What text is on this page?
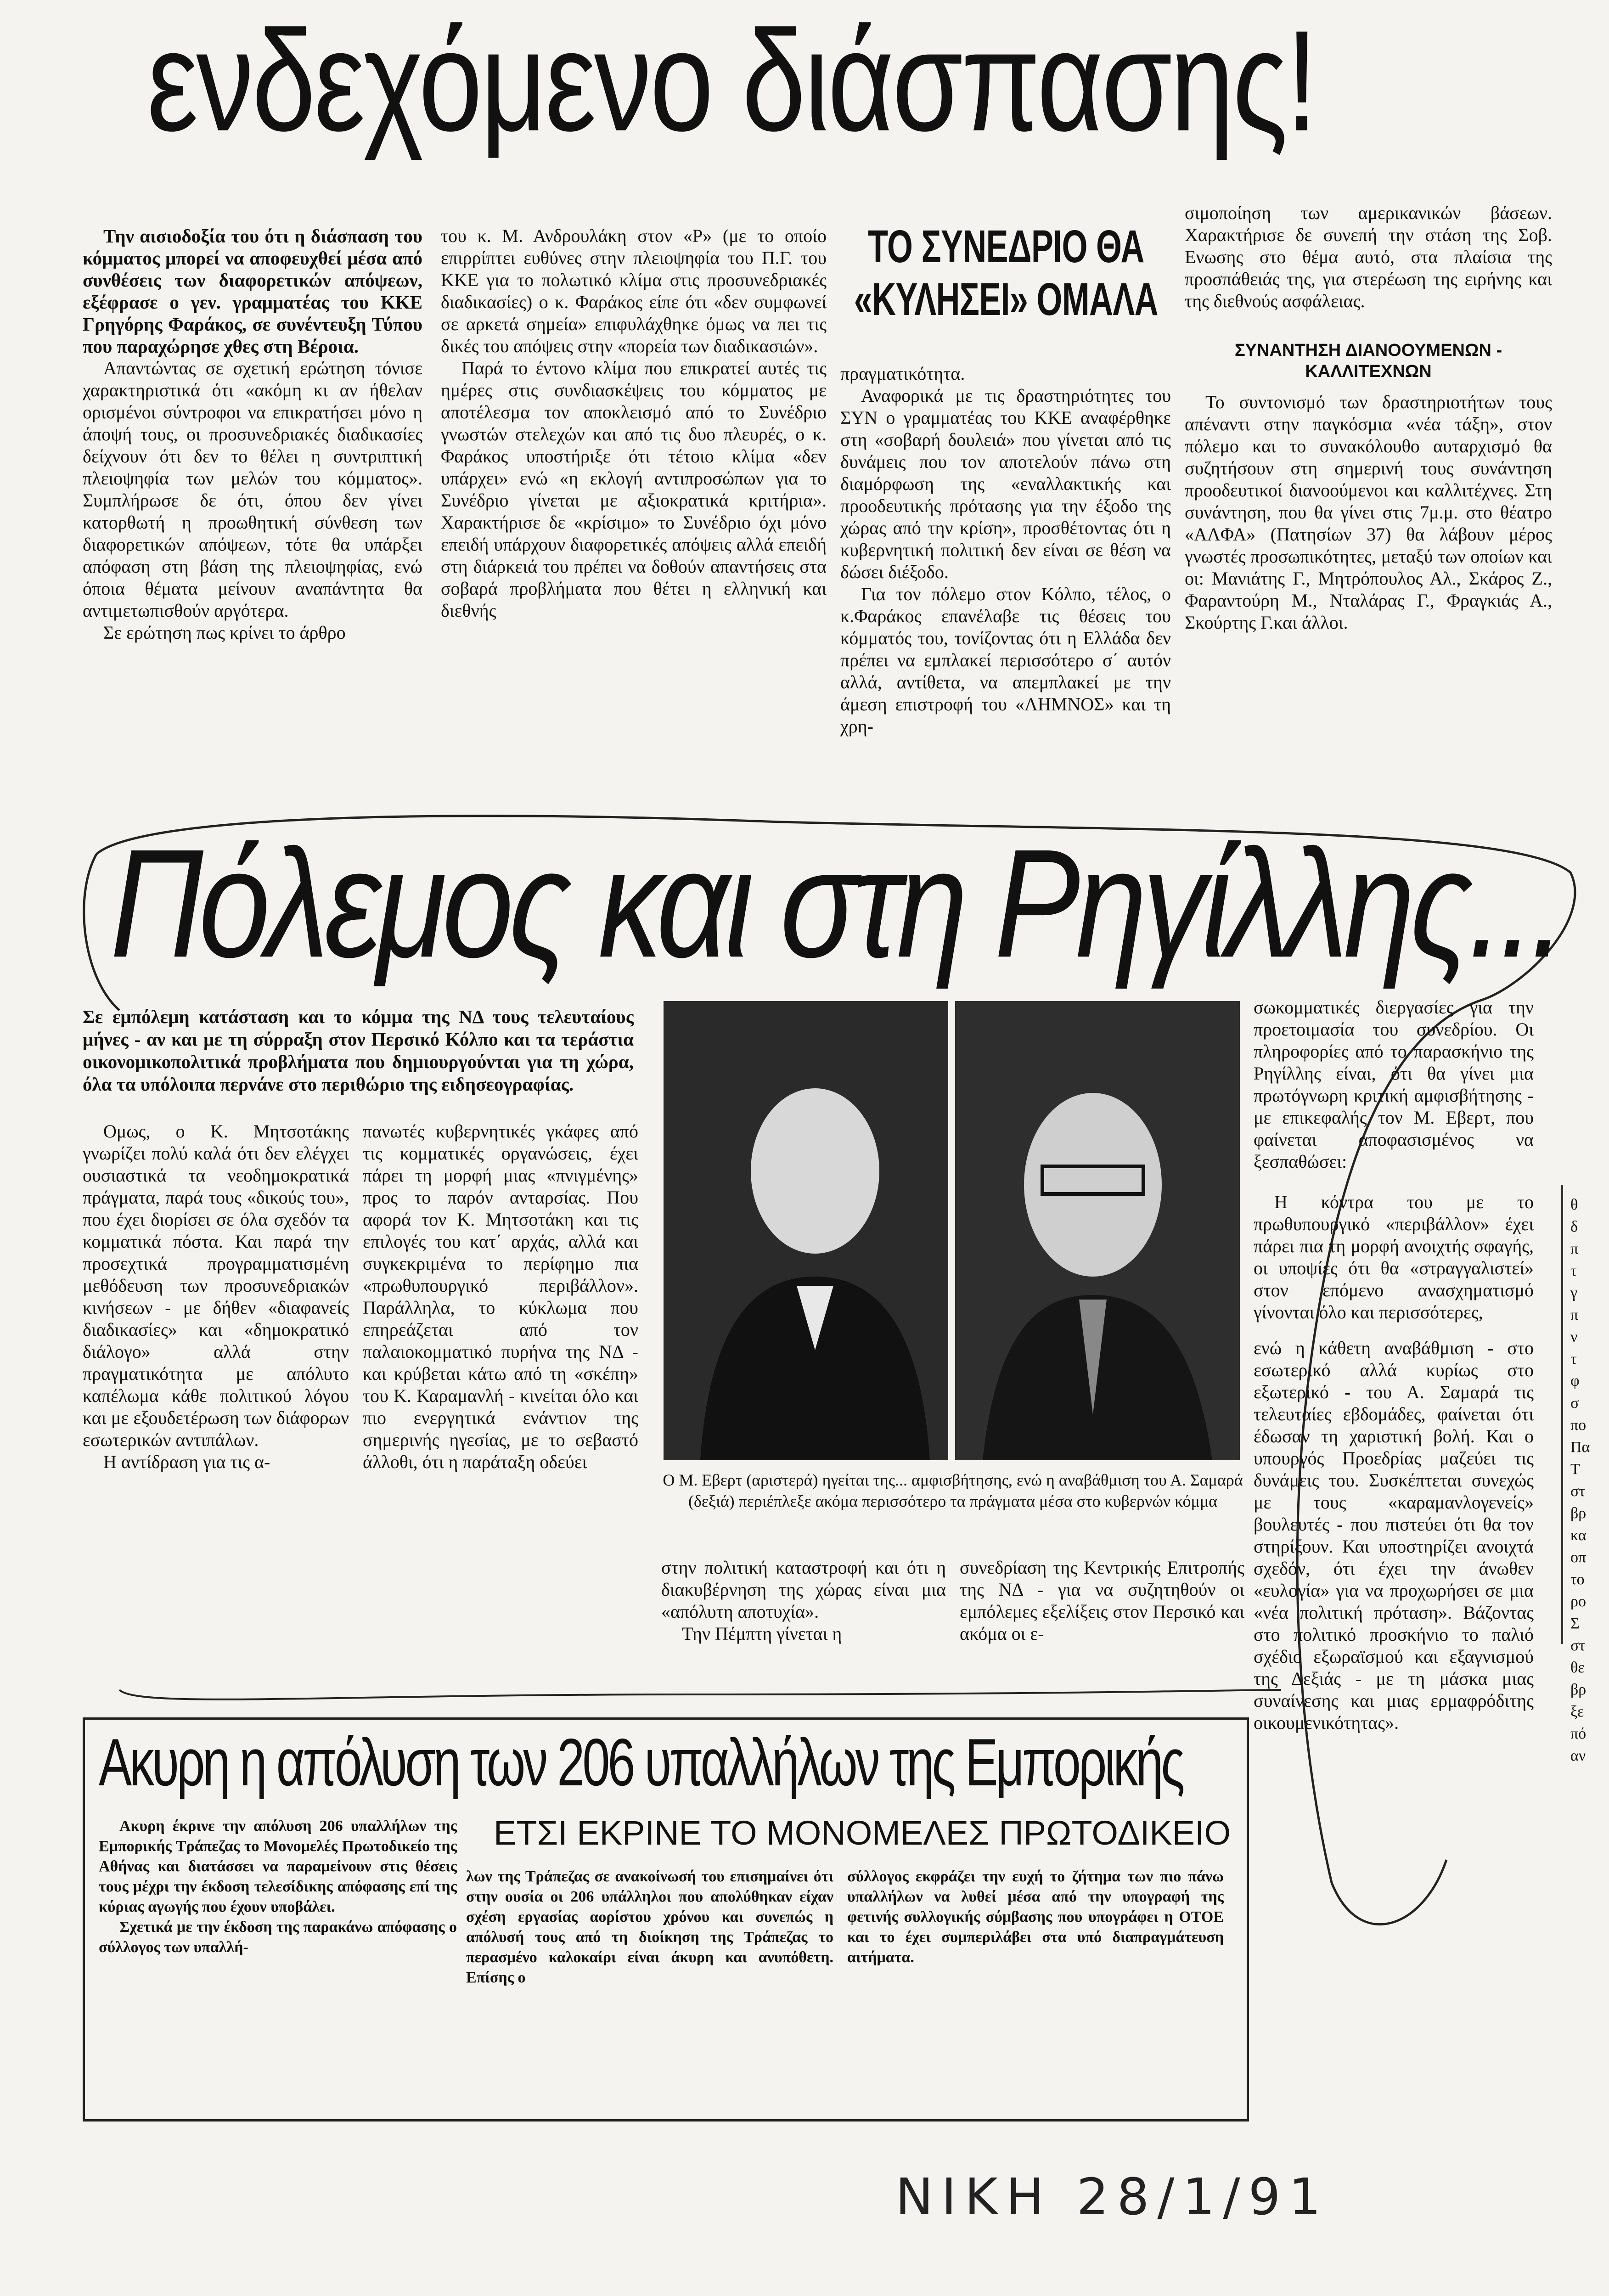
ενδεχόμενο διάσπασης!

Την αισιοδοξία του ότι η διάσπαση του κόμματος μπορεί να αποφευχθεί μέσα από συνθέσεις των διαφορετικών απόψεων, εξέφρασε ο γεν. γραμματέας του ΚΚΕ Γρηγόρης Φαράκος, σε συνέντευξη Τύπου που παραχώρησε χθες στη Βέροια.

Απαντώντας σε σχετική ερώτηση τόνισε χαρακτηριστικά ότι «ακόμη κι αν ήθελαν ορισμένοι σύντροφοι να επικρατήσει μόνο η άποψή τους, οι προσυνεδριακές διαδικασίες δείχνουν ότι δεν το θέλει η συντριπτική πλειοψηφία των μελών του κόμματος». Συμπλήρωσε δε ότι, όπου δεν γίνει κατορθωτή η προωθητική σύνθεση των διαφορετικών απόψεων, τότε θα υπάρξει απόφαση στη βάση της πλειοψηφίας, ενώ όποια θέματα μείνουν αναπάντητα θα αντιμετωπισθούν αργότερα.

Σε ερώτηση πως κρίνει το άρθρο

του κ. Μ. Ανδρουλάκη στον «Ρ» (με το οποίο επιρρίπτει ευθύνες στην πλειοψηφία του Π.Γ. του ΚΚΕ για το πολωτικό κλίμα στις προσυνεδριακές διαδικασίες) ο κ. Φαράκος είπε ότι «δεν συμφωνεί σε αρκετά σημεία» επιφυλάχθηκε όμως να πει τις δικές του απόψεις στην «πορεία των διαδικασιών».

Παρά το έντονο κλίμα που επικρατεί αυτές τις ημέρες στις συνδιασκέψεις του κόμματος με αποτέλεσμα τον αποκλεισμό από το Συνέδριο γνωστών στελεχών και από τις δυο πλευρές, ο κ. Φαράκος υποστήριξε ότι τέτοιο κλίμα «δεν υπάρχει» ενώ «η εκλογή αντιπροσώπων για το Συνέδριο γίνεται με αξιοκρατικά κριτήρια». Χαρακτήρισε δε «κρίσιμο» το Συνέδριο όχι μόνο επειδή υπάρχουν διαφορετικές απόψεις αλλά επειδή στη διάρκειά του πρέπει να δοθούν απαντήσεις στα σοβαρά προβλήματα που θέτει η ελληνική και διεθνής

ΤΟ ΣΥΝΕΔΡΙΟ ΘΑ «ΚΥΛΗΣΕΙ» ΟΜΑΛΑ

πραγματικότητα.

Αναφορικά με τις δραστηριότητες του ΣΥΝ ο γραμματέας του ΚΚΕ αναφέρθηκε στη «σοβαρή δουλειά» που γίνεται από τις δυνάμεις που τον αποτελούν πάνω στη διαμόρφωση της «εναλλακτικής και προοδευτικής πρότασης για την έξοδο της χώρας από την κρίση», προσθέτοντας ότι η κυβερνητική πολιτική δεν είναι σε θέση να δώσει διέξοδο.

Για τον πόλεμο στον Κόλπο, τέλος, ο κ.Φαράκος επανέλαβε τις θέσεις του κόμματός του, τονίζοντας ότι η Ελλάδα δεν πρέπει να εμπλακεί περισσότερο σ΄ αυτόν αλλά, αντίθετα, να απεμπλακεί με την άμεση επιστροφή του «ΛΗΜΝΟΣ» και τη χρη-

σιμοποίηση των αμερικανικών βάσεων. Χαρακτήρισε δε συνεπή την στάση της Σοβ. Ενωσης στο θέμα αυτό, στα πλαίσια της προσπάθειάς της, για στερέωση της ειρήνης και της διεθνούς ασφάλειας.

ΣΥΝΑΝΤΗΣΗ ΔΙΑΝΟΟΥΜΕΝΩΝ - ΚΑΛΛΙΤΕΧΝΩΝ

Το συντονισμό των δραστηριοτήτων τους απέναντι στην παγκόσμια «νέα τάξη», στον πόλεμο και το συνακόλουθο αυταρχισμό θα συζητήσουν στη σημερινή τους συνάντηση προοδευτικοί διανοούμενοι και καλλιτέχνες. Στη συνάντηση, που θα γίνει στις 7μ.μ. στο θέατρο «ΑΛΦΑ» (Πατησίων 37) θα λάβουν μέρος γνωστές προσωπικότητες, μεταξύ των οποίων και οι: Μανιάτης Γ., Μητρόπουλος Αλ., Σκάρος Ζ., Φαραντούρη Μ., Νταλάρας Γ., Φραγκιάς Α., Σκούρτης Γ.και άλλοι.

Πόλεμος και στη Ρηγίλλης...
Σε εμπόλεμη κατάσταση και το κόμμα της ΝΔ τους τελευταίους μήνες - αν και με τη σύρραξη στον Περσικό Κόλπο και τα τεράστια οικονομικοπολιτικά προβλήματα που δημιουργούνται για τη χώρα, όλα τα υπόλοιπα περνάνε στο περιθώριο της ειδησεογραφίας.

Ομως, ο Κ. Μητσοτάκης γνωρίζει πολύ καλά ότι δεν ελέγχει ουσιαστικά τα νεοδημοκρατικά πράγματα, παρά τους «δικούς του», που έχει διορίσει σε όλα σχεδόν τα κομματικά πόστα. Και παρά την προσεχτικά προγραμματισμένη μεθόδευση των προσυνεδριακών κινήσεων - με δήθεν «διαφανείς διαδικασίες» και «δημοκρατικό διάλογο» αλλά στην πραγματικότητα με απόλυτο καπέλωμα κάθε πολιτικού λόγου και με εξουδετέρωση των διάφορων εσωτερικών αντιπάλων.

Η αντίδραση για τις α-

πανωτές κυβερνητικές γκάφες από τις κομματικές οργανώσεις, έχει πάρει τη μορφή μιας «πνιγμένης» προς το παρόν ανταρσίας. Που αφορά τον Κ. Μητσοτάκη και τις επιλογές του κατ΄ αρχάς, αλλά και συγκεκριμένα το περίφημο πια «πρωθυπουργικό περιβάλλον». Παράλληλα, το κύκλωμα που επηρεάζεται από τον παλαιοκομματικό πυρήνα της ΝΔ - και κρύβεται κάτω από τη «σκέπη» του Κ. Καραμανλή - κινείται όλο και πιο ενεργητικά ενάντιον της σημερινής ηγεσίας, με το σεβαστό άλλοθι, ότι η παράταξη οδεύει

Ο Μ. Εβερτ (αριστερά) ηγείται της... αμφισβήτησης, ενώ η αναβάθμιση του Α. Σαμαρά (δεξιά) περιέπλεξε ακόμα περισσότερο τα πράγματα μέσα στο κυβερνών κόμμα

στην πολιτική καταστροφή και ότι η διακυβέρνηση της χώρας είναι μια «απόλυτη αποτυχία».

Την Πέμπτη γίνεται η

συνεδρίαση της Κεντρικής Επιτροπής της ΝΔ - για να συζητηθούν οι εμπόλεμες εξελίξεις στον Περσικό και ακόμα οι ε-

σωκομματικές διεργασίες για την προετοιμασία του συνεδρίου. Οι πληροφορίες από το παρασκήνιο της Ρηγίλλης είναι, ότι θα γίνει μια πρωτόγνωρη κριτική αμφισβήτησης - με επικεφαλής τον Μ. Εβερτ, που φαίνεται αποφασισμένος να ξεσπαθώσει:

Η κόντρα του με το πρωθυπουργικό «περιβάλλον» έχει πάρει πια τη μορφή ανοιχτής σφαγής, οι υποψίες ότι θα «στραγγαλιστεί» στον επόμενο ανασχηματισμό γίνονται όλο και περισσότερες,

ενώ η κάθετη αναβάθμιση - στο εσωτερικό αλλά κυρίως στο εξωτερικό - του Α. Σαμαρά τις τελευταίες εβδομάδες, φαίνεται ότι έδωσαν τη χαριστική βολή. Και ο υπουργός Προεδρίας μαζεύει τις δυνάμεις του. Συσκέπτεται συνεχώς με τους «καραμανλογενείς» βουλευτές - που πιστεύει ότι θα τον στηρίξουν. Και υποστηρίζει ανοιχτά σχεδόν, ότι έχει την άνωθεν «ευλογία» για να προχωρήσει σε μια «νέα πολιτική πρόταση». Βάζοντας στο πολιτικό προσκήνιο το παλιό σχέδιο εξωραϊσμού και εξαγνισμού της Δεξιάς - με τη μάσκα μιας συναίνεσης και μιας ερμαφρόδιτης οικουμενικότητας».

Ακυρη η απόλυση των 206 υπαλλήλων της Εμπορικής
ΕΤΣΙ ΕΚΡΙΝΕ ΤΟ ΜΟΝΟΜΕΛΕΣ ΠΡΩΤΟΔΙΚΕΙΟ

Ακυρη έκρινε την απόλυση 206 υπαλλήλων της Εμπορικής Τράπεζας το Μονομελές Πρωτοδικείο της Αθήνας και διατάσσει να παραμείνουν στις θέσεις τους μέχρι την έκδοση τελεσίδικης απόφασης επί της κύριας αγωγής που έχουν υποβάλει.

Σχετικά με την έκδοση της παρακάνω απόφασης ο σύλλογος των υπαλλή-

λων της Τράπεζας σε ανακοίνωσή του επισημαίνει ότι στην ουσία οι 206 υπάλληλοι που απολύθηκαν είχαν σχέση εργασίας αορίστου χρόνου και συνεπώς η απόλυσή τους από τη διοίκηση της Τράπεζας το περασμένο καλοκαίρι είναι άκυρη και ανυπόθετη. Επίσης ο

σύλλογος εκφράζει την ευχή το ζήτημα των πιο πάνω υπαλλήλων να λυθεί μέσα από την υπογραφή της φετινής συλλογικής σύμβασης που υπογράφει η ΟΤΟΕ και το έχει συμπεριλάβει στα υπό διαπραγμάτευση αιτήματα.

ΝΙΚΗ 28/1/91
θ
δ
π
τ
γ
π
ν
τ
φ
σ
πο
Πα
Τ
στ
βρ
κα
οπ
το
ρο
Σ
στ
θε
βρ
ξε
πό
αν
